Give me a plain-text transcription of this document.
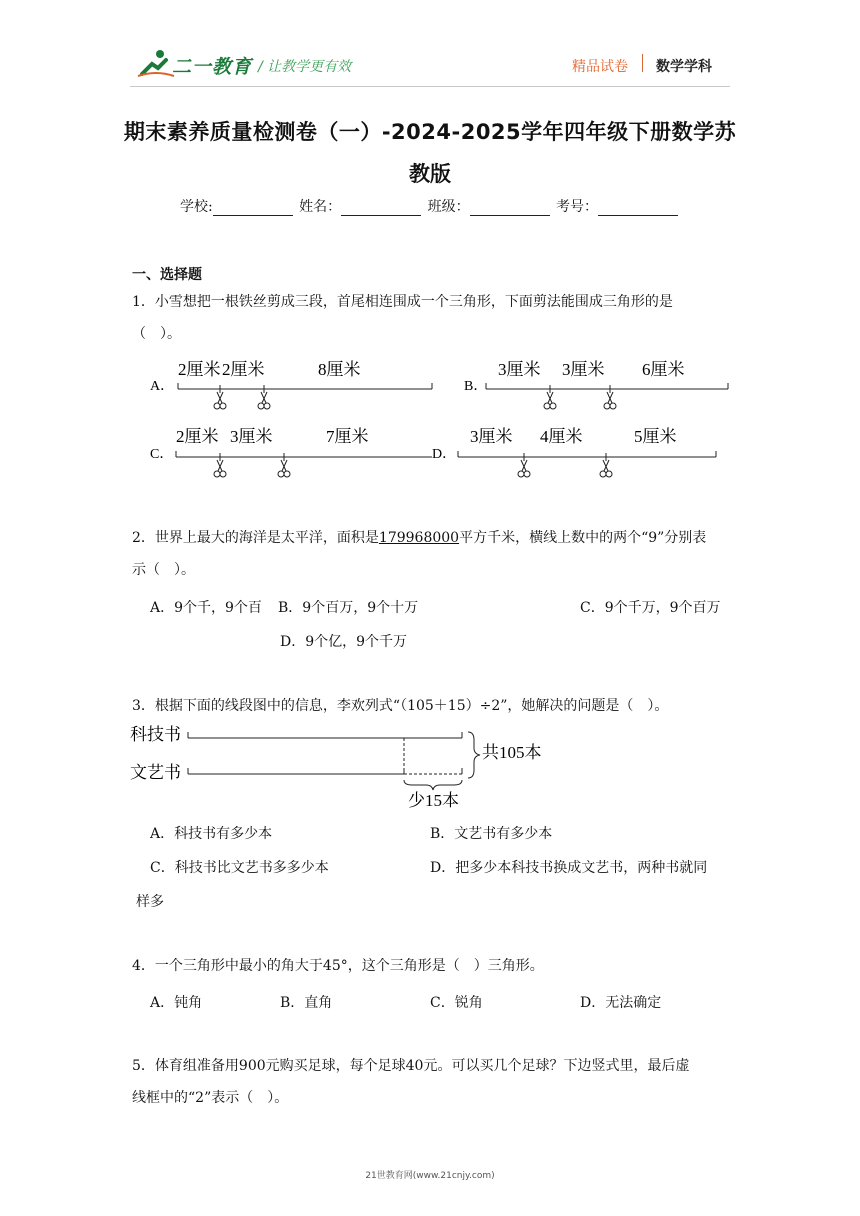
二一教育 / 让教学更有效	精品试卷 数学学科
期末素养质量检测卷（一）-2024-2025学年四年级下册数学苏
教版
学校:	姓名：	班级：	考号：
一、选择题
1．小雪想把一根铁丝剪成三段，首尾相连围成一个三角形，下面剪法能围成三角形的是
（　）。
A．
2厘米 2厘米	8厘米
B．
3厘米 3厘米 6厘米
C．
2厘米 3厘米	7厘米
D．
3厘米 4厘米	5厘米
2．世界上最大的海洋是太平洋，面积是179968000平方千米，横线上数中的两个“9”分别表
示（　）。
A．9个千，9个百 B．9个百万，9个十万	C．9个千万，9个百万
D．9个亿，9个千万
3．根据下面的线段图中的信息，李欢列式“（105＋15）÷2”，她解决的问题是（　）。
科技书
文艺书
共105本
少15本
A．科技书有多少本	B．文艺书有多少本
C．科技书比文艺书多多少本	D．把多少本科技书换成文艺书，两种书就同
样多
4．一个三角形中最小的角大于45°，这个三角形是（　）三角形。
A．钝角	B．直角	C．锐角	D．无法确定
5．体育组准备用900元购买足球，每个足球40元。可以买几个足球？下边竖式里，最后虚
线框中的“2”表示（　）。
21世教育网(www.21cnjy.com)
